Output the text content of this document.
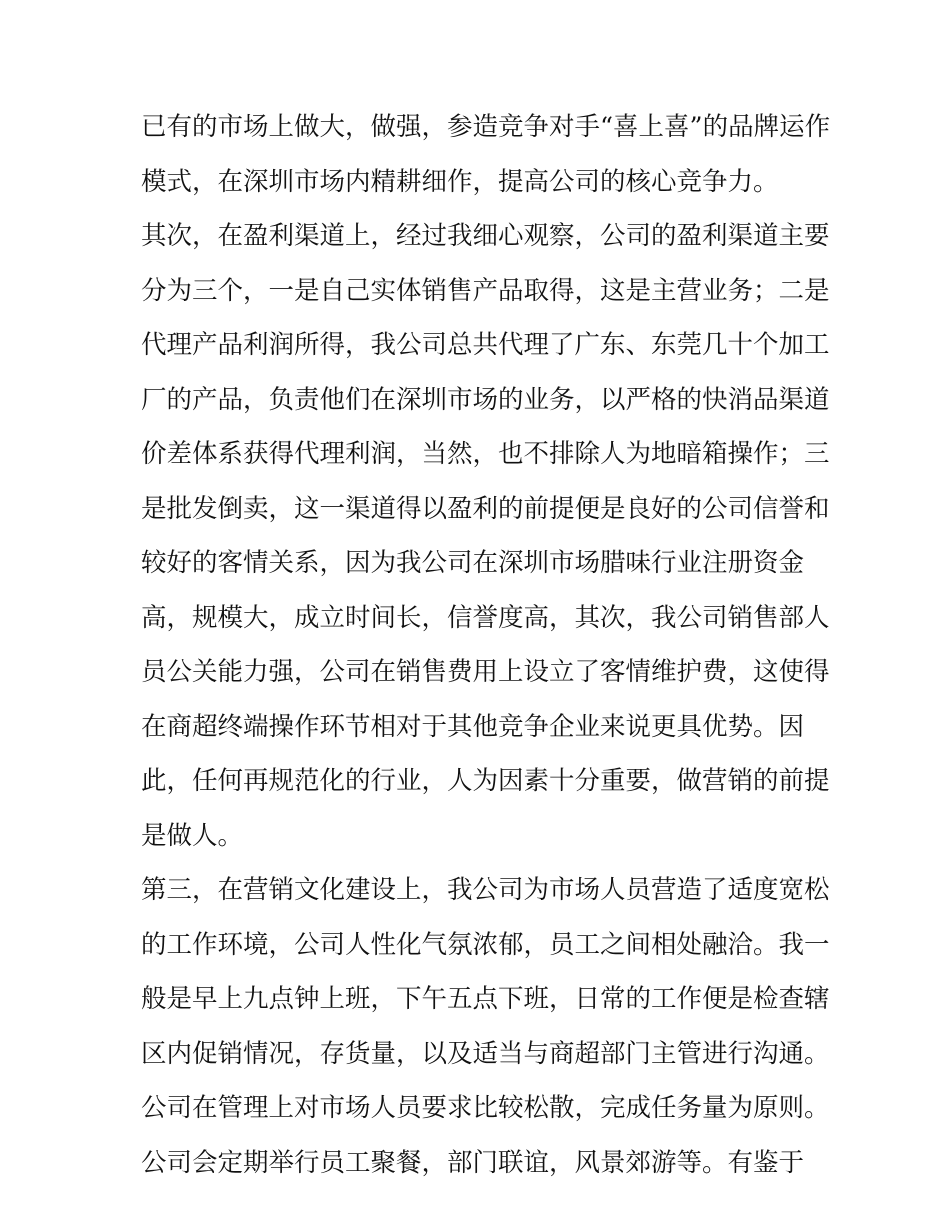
已有的市场上做大，做强，参造竞争对手“喜上喜”的品牌运作
模式，在深圳市场内精耕细作，提高公司的核心竞争力。
其次，在盈利渠道上，经过我细心观察，公司的盈利渠道主要
分为三个，一是自己实体销售产品取得，这是主营业务；二是
代理产品利润所得，我公司总共代理了广东、东莞几十个加工
厂的产品，负责他们在深圳市场的业务，以严格的快消品渠道
价差体系获得代理利润，当然，也不排除人为地暗箱操作；三
是批发倒卖，这一渠道得以盈利的前提便是良好的公司信誉和
较好的客情关系，因为我公司在深圳市场腊味行业注册资金
高，规模大，成立时间长，信誉度高，其次，我公司销售部人
员公关能力强，公司在销售费用上设立了客情维护费，这使得
在商超终端操作环节相对于其他竞争企业来说更具优势。因
此，任何再规范化的行业，人为因素十分重要，做营销的前提
是做人。
第三，在营销文化建设上，我公司为市场人员营造了适度宽松
的工作环境，公司人性化气氛浓郁，员工之间相处融洽。我一
般是早上九点钟上班，下午五点下班，日常的工作便是检查辖
区内促销情况，存货量，以及适当与商超部门主管进行沟通。
公司在管理上对市场人员要求比较松散，完成任务量为原则。
公司会定期举行员工聚餐，部门联谊，风景郊游等。有鉴于
